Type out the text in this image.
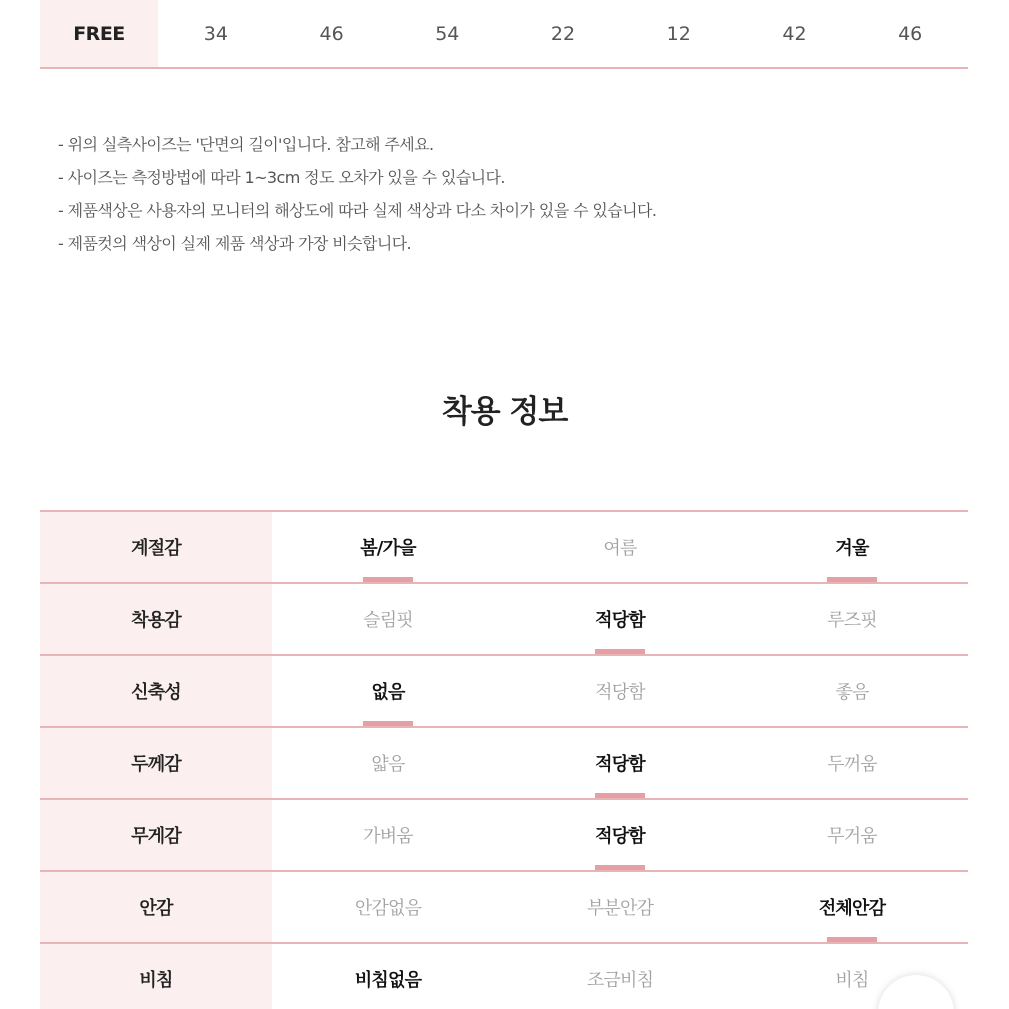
FREE	34	46	54	22	12	42	46
- 위의 실측사이즈는 '단면의 길이'입니다. 참고해 주세요.
- 사이즈는 측정방법에 따라 1~3cm 정도 오차가 있을 수 있습니다.
- 제품색상은 사용자의 모니터의 해상도에 따라 실제 색상과 다소 차이가 있을 수 있습니다.
- 제품컷의 색상이 실제 제품 색상과 가장 비슷합니다.
착용 정보
계절감	봄/가을	여름	겨울
착용감	슬림핏	적당함	루즈핏
신축성	없음	적당함	좋음
두께감	얇음	적당함	두꺼움
무게감	가벼움	적당함	무거움
안감	안감없음	부분안감	전체안감
비침	비침없음	조금비침	비침
